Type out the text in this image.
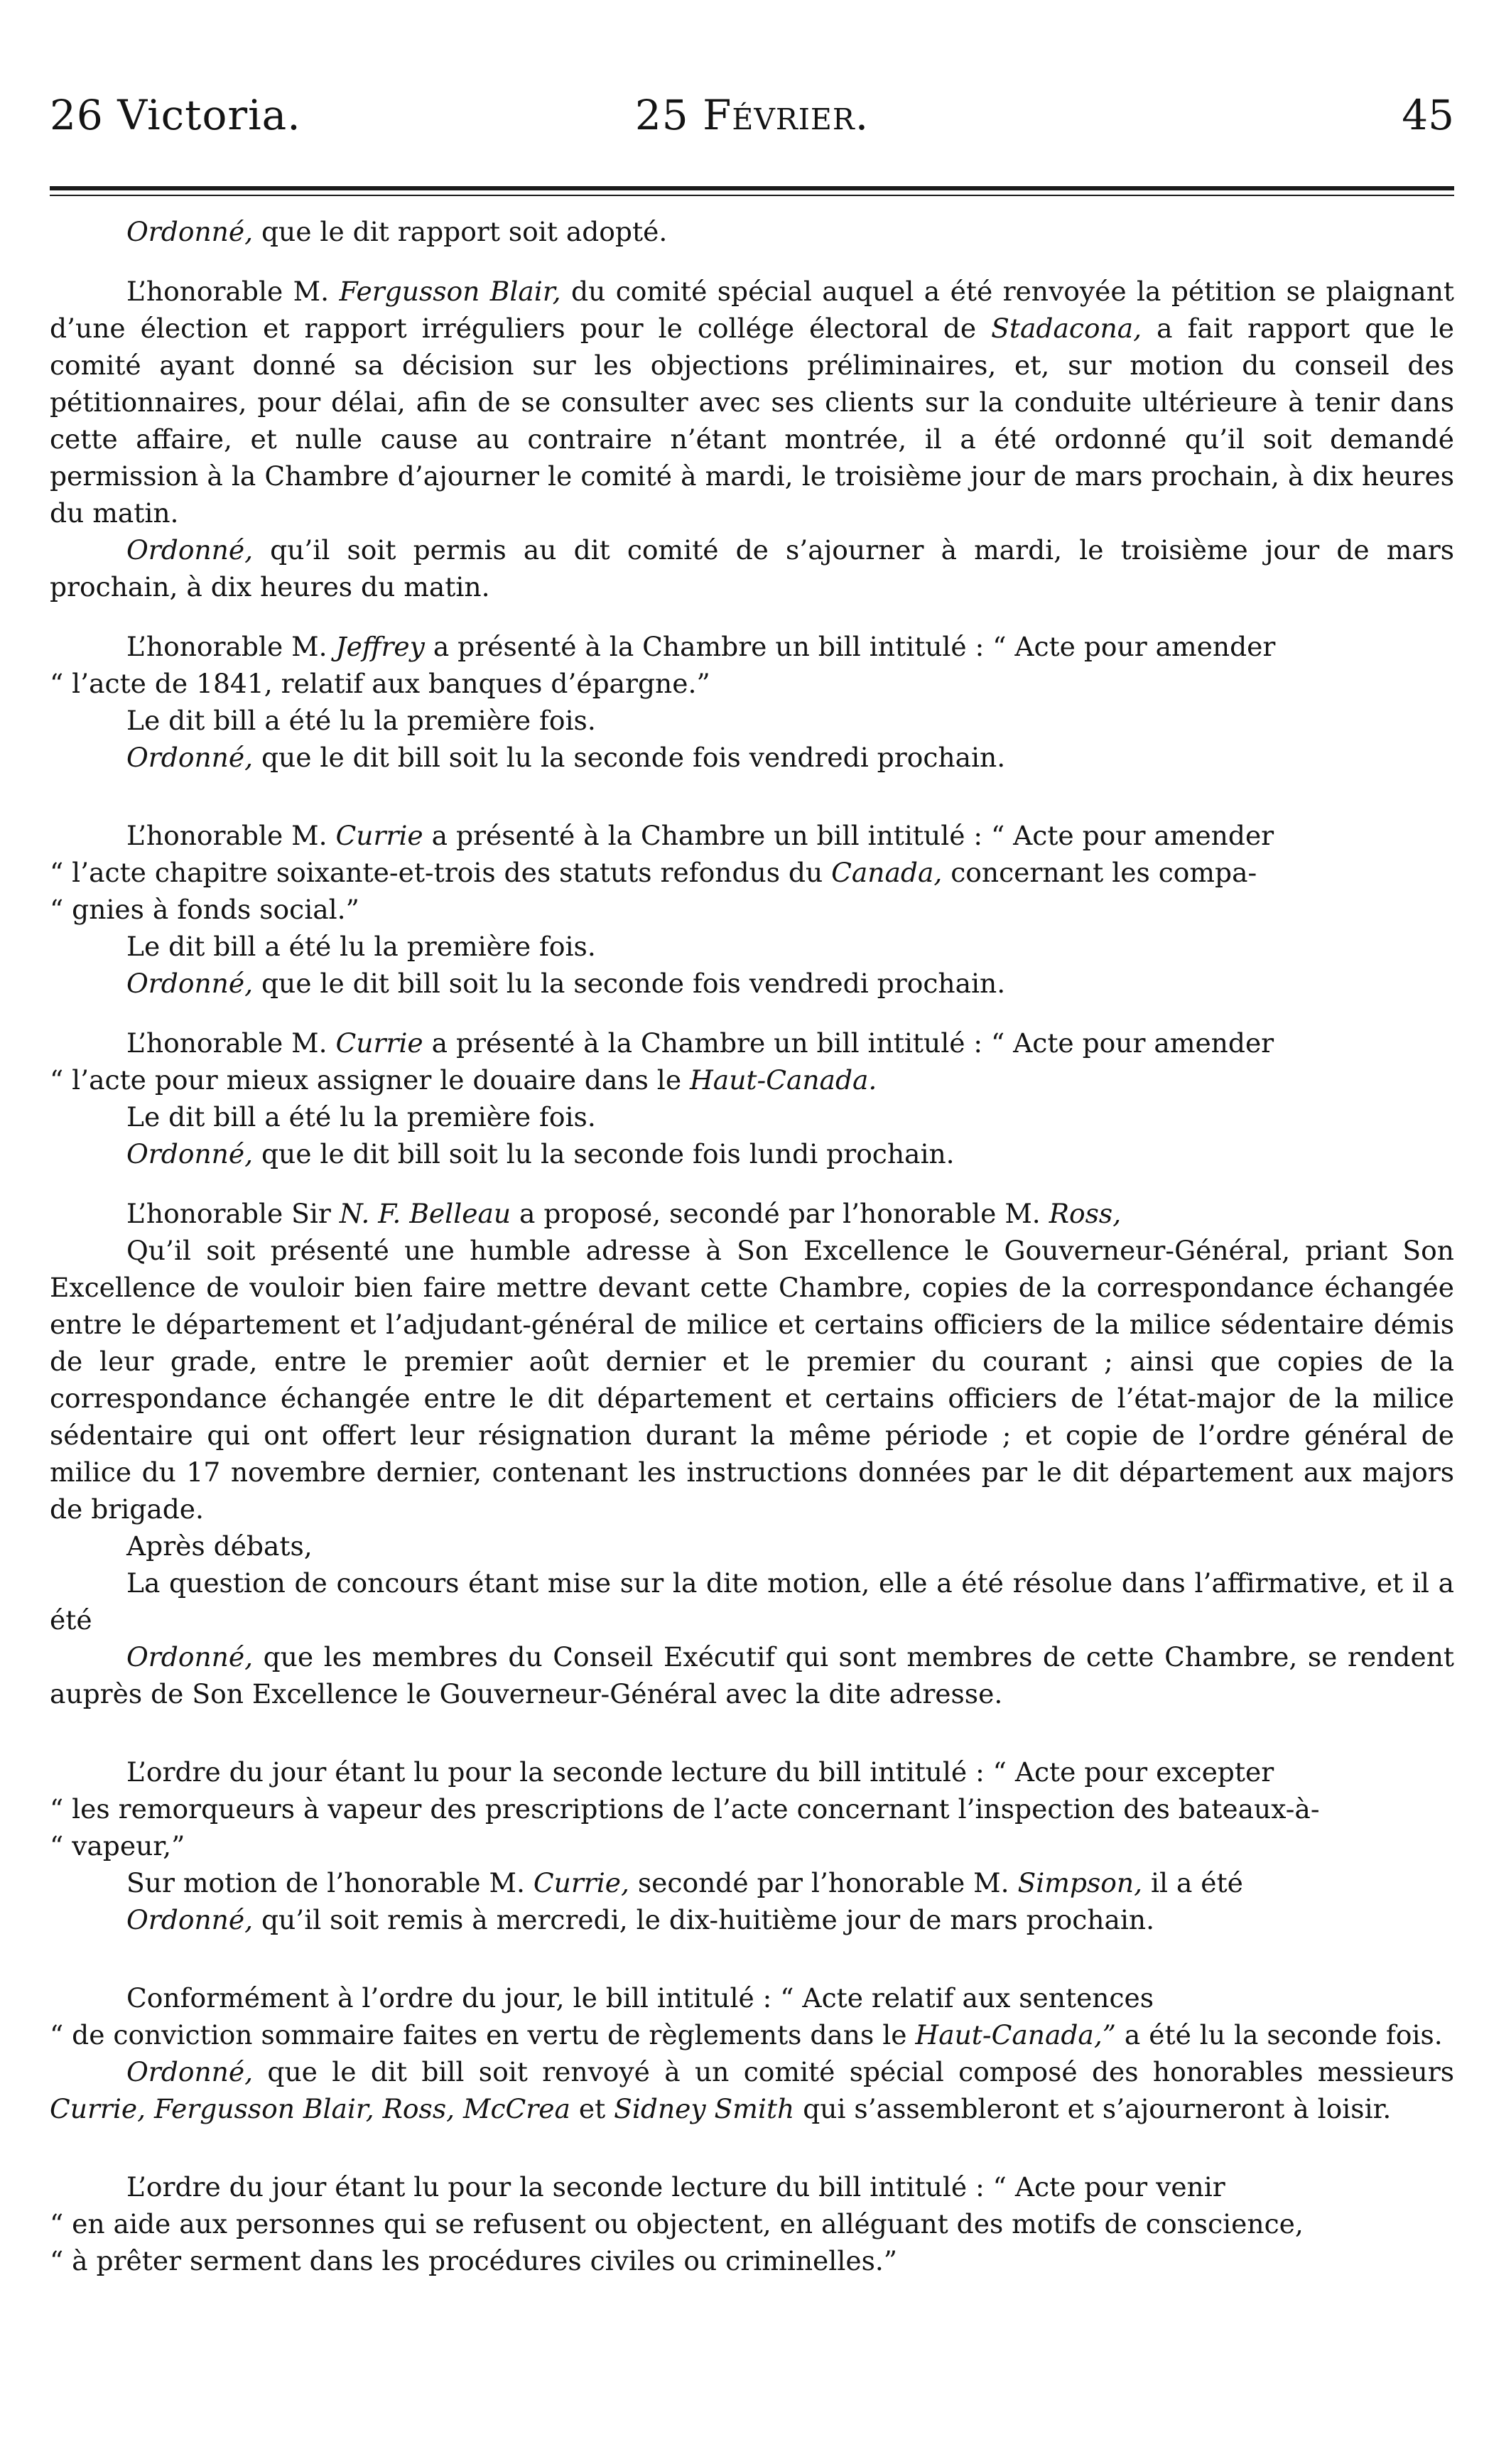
26 Victoria.	25 Février.	45

Ordonné, que le dit rapport soit adopté.

L’honorable M. Fergusson Blair, du comité spécial auquel a été renvoyée la pétition se plaignant d’une élection et rapport irréguliers pour le collége électoral de Stadacona, a fait rapport que le comité ayant donné sa décision sur les objections préliminaires, et, sur motion du conseil des pétitionnaires, pour délai, afin de se consulter avec ses clients sur la conduite ultérieure à tenir dans cette affaire, et nulle cause au contraire n’étant montrée, il a été ordonné qu’il soit demandé permission à la Chambre d’ajourner le comité à mardi, le troisième jour de mars prochain, à dix heures du matin.

Ordonné, qu’il soit permis au dit comité de s’ajourner à mardi, le troisième jour de mars prochain, à dix heures du matin.

L’honorable M. Jeffrey a présenté à la Chambre un bill intitulé : “ Acte pour amender

“ l’acte de 1841, relatif aux banques d’épargne.”

Le dit bill a été lu la première fois.

Ordonné, que le dit bill soit lu la seconde fois vendredi prochain.

L’honorable M. Currie a présenté à la Chambre un bill intitulé : “ Acte pour amender

“ l’acte chapitre soixante-et-trois des statuts refondus du Canada, concernant les compa-

“ gnies à fonds social.”

Le dit bill a été lu la première fois.

Ordonné, que le dit bill soit lu la seconde fois vendredi prochain.

L’honorable M. Currie a présenté à la Chambre un bill intitulé : “ Acte pour amender

“ l’acte pour mieux assigner le douaire dans le Haut-Canada.

Le dit bill a été lu la première fois.

Ordonné, que le dit bill soit lu la seconde fois lundi prochain.

L’honorable Sir N. F. Belleau a proposé, secondé par l’honorable M. Ross,

Qu’il soit présenté une humble adresse à Son Excellence le Gouverneur-Général, priant Son Excellence de vouloir bien faire mettre devant cette Chambre, copies de la correspondance échangée entre le département et l’adjudant-général de milice et certains officiers de la milice sédentaire démis de leur grade, entre le premier août dernier et le premier du courant ; ainsi que copies de la correspondance échangée entre le dit département et certains officiers de l’état-major de la milice sédentaire qui ont offert leur résignation durant la même période ; et copie de l’ordre général de milice du 17 novembre dernier, contenant les instructions données par le dit département aux majors de brigade.

Après débats,

La question de concours étant mise sur la dite motion, elle a été résolue dans l’affirmative, et il a été

Ordonné, que les membres du Conseil Exécutif qui sont membres de cette Chambre, se rendent auprès de Son Excellence le Gouverneur-Général avec la dite adresse.

L’ordre du jour étant lu pour la seconde lecture du bill intitulé : “ Acte pour excepter

“ les remorqueurs à vapeur des prescriptions de l’acte concernant l’inspection des bateaux-à-

“ vapeur,”

Sur motion de l’honorable M. Currie, secondé par l’honorable M. Simpson, il a été

Ordonné, qu’il soit remis à mercredi, le dix-huitième jour de mars prochain.

Conformément à l’ordre du jour, le bill intitulé : “ Acte relatif aux sentences

“ de conviction sommaire faites en vertu de règlements dans le Haut-Canada,” a été lu la seconde fois.

Ordonné, que le dit bill soit renvoyé à un comité spécial composé des honorables messieurs Currie, Fergusson Blair, Ross, McCrea et Sidney Smith qui s’assembleront et s’ajourneront à loisir.

L’ordre du jour étant lu pour la seconde lecture du bill intitulé : “ Acte pour venir

“ en aide aux personnes qui se refusent ou objectent, en alléguant des motifs de conscience,

“ à prêter serment dans les procédures civiles ou criminelles.”
